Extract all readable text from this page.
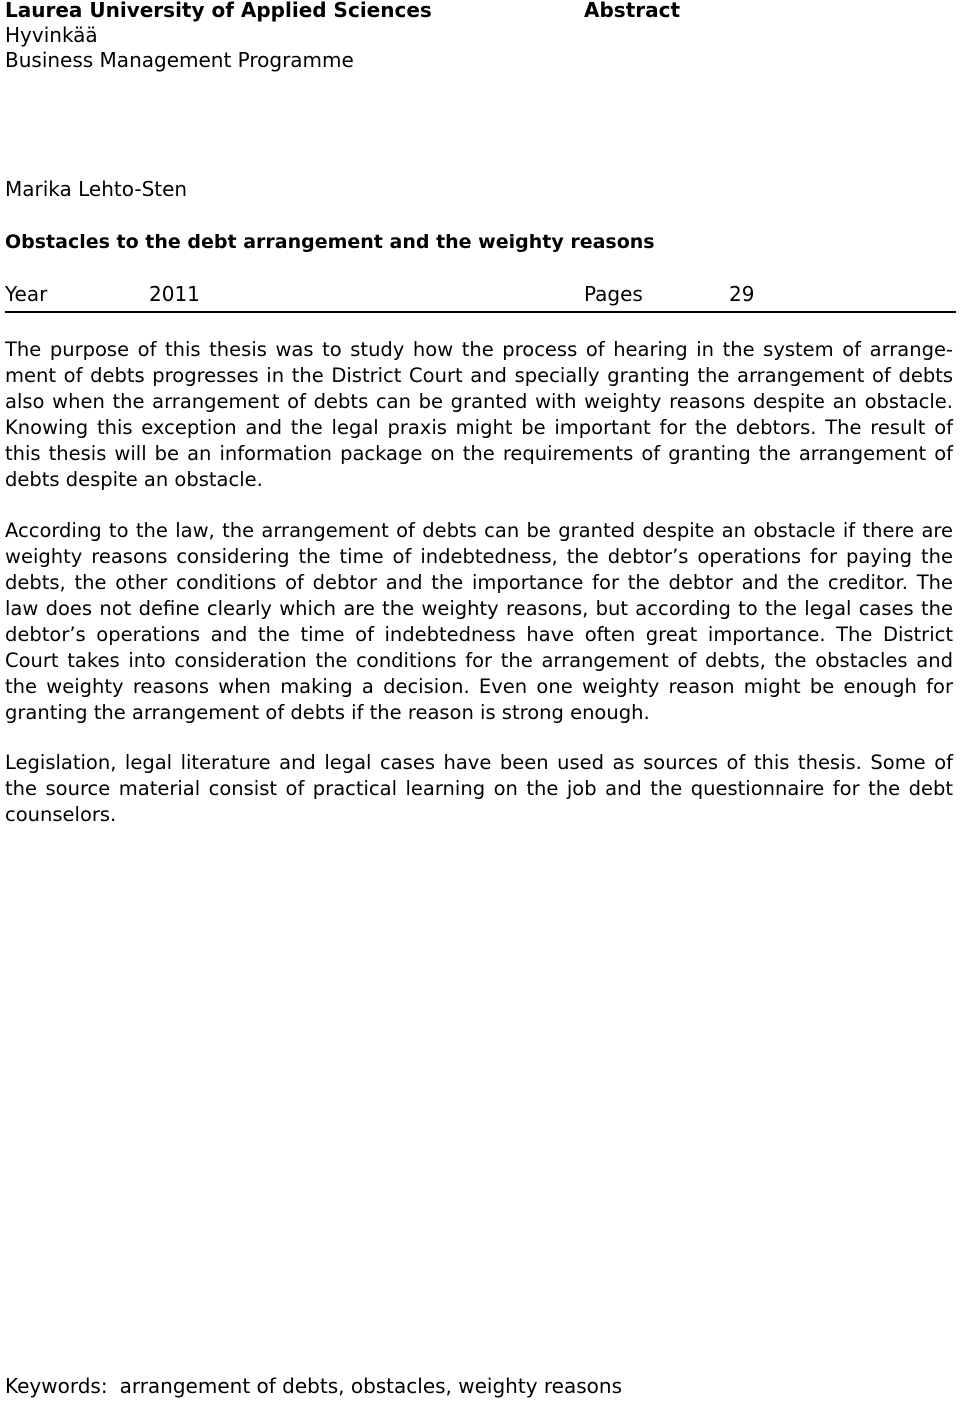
Laurea University of Applied Sciences	Abstract
Hyvinkää
Business Management Programme
Marika Lehto-Sten
Obstacles to the debt arrangement and the weighty reasons
Year	2011	Pages	29

The purpose of this thesis was to study how the process of hearing in the system of arrangement of debts progresses in the District Court and specially granting the arrangement of debts also when the arrangement of debts can be granted with weighty reasons despite an obstacle. Knowing this exception and the legal praxis might be important for the debtors. The result of this thesis will be an information package on the requirements of granting the arrangement of debts despite an obstacle.

According to the law, the arrangement of debts can be granted despite an obstacle if there are weighty reasons considering the time of indebtedness, the debtor’s operations for paying the debts, the other conditions of debtor and the importance for the debtor and the creditor. The law does not define clearly which are the weighty reasons, but according to the legal cases the debtor’s operations and the time of indebtedness have often great importance. The District Court takes into consideration the conditions for the arrangement of debts, the obstacles and the weighty reasons when making a decision. Even one weighty reason might be enough for granting the arrangement of debts if the reason is strong enough.

Legislation, legal literature and legal cases have been used as sources of this thesis. Some of the source material consist of practical learning on the job and the questionnaire for the debt counselors.

Keywords: arrangement of debts, obstacles, weighty reasons
